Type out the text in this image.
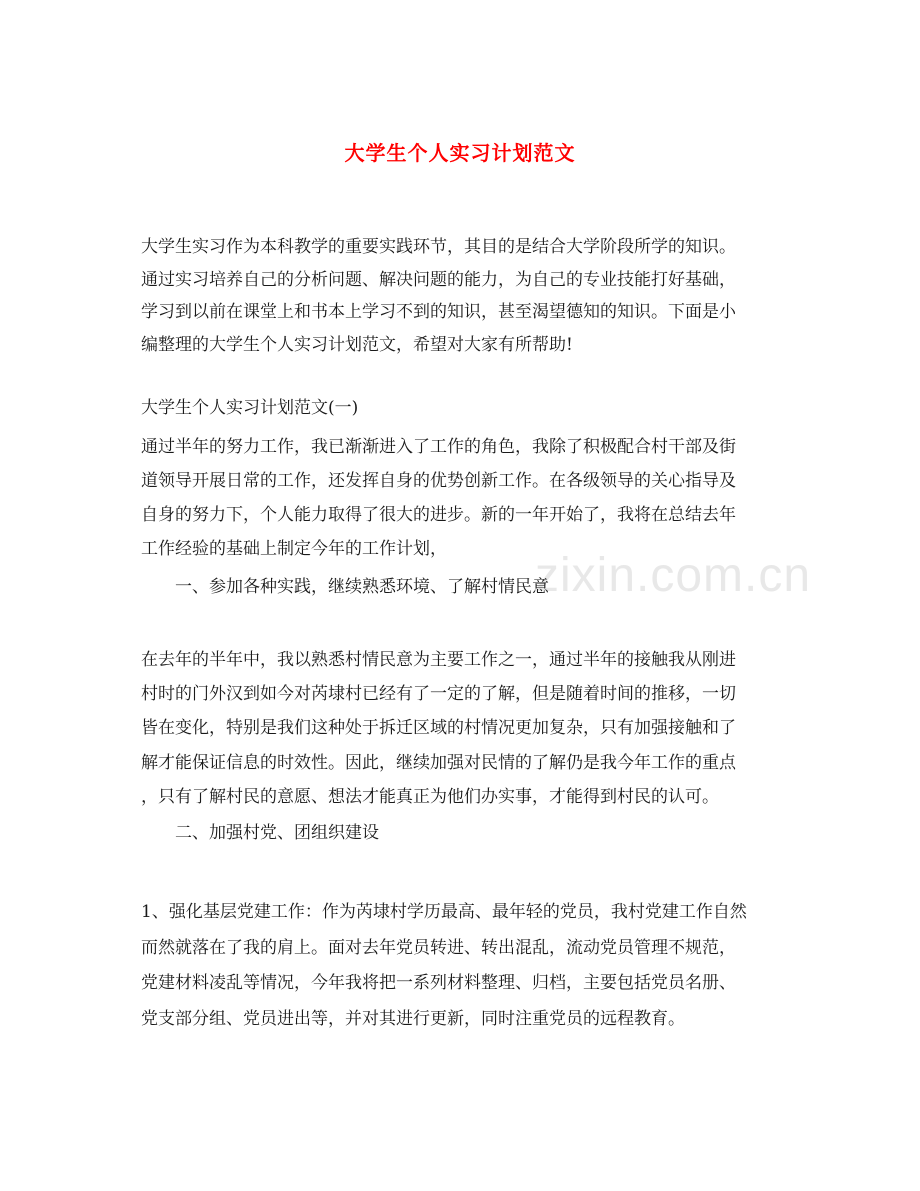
zixin.com.cn
大学生个人实习计划范文

大学生实习作为本科教学的重要实践环节，其目的是结合大学阶段所学的知识。
通过实习培养自己的分析问题、解决问题的能力，为自己的专业技能打好基础，
学习到以前在课堂上和书本上学习不到的知识，甚至渴望德知的知识。下面是小
编整理的大学生个人实习计划范文，希望对大家有所帮助!

大学生个人实习计划范文(一)

通过半年的努力工作，我已渐渐进入了工作的角色，我除了积极配合村干部及街
道领导开展日常的工作，还发挥自身的优势创新工作。在各级领导的关心指导及
自身的努力下，个人能力取得了很大的进步。新的一年开始了，我将在总结去年
工作经验的基础上制定今年的工作计划，

一、参加各种实践，继续熟悉环境、了解村情民意

在去年的半年中，我以熟悉村情民意为主要工作之一，通过半年的接触我从刚进
村时的门外汉到如今对芮埭村已经有了一定的了解，但是随着时间的推移，一切
皆在变化，特别是我们这种处于拆迁区域的村情况更加复杂，只有加强接触和了
解才能保证信息的时效性。因此，继续加强对民情的了解仍是我今年工作的重点
，只有了解村民的意愿、想法才能真正为他们办实事，才能得到村民的认可。

二、加强村党、团组织建设

1、强化基层党建工作：作为芮埭村学历最高、最年轻的党员，我村党建工作自然
而然就落在了我的肩上。面对去年党员转进、转出混乱，流动党员管理不规范，
党建材料凌乱等情况，今年我将把一系列材料整理、归档，主要包括党员名册、
党支部分组、党员进出等，并对其进行更新，同时注重党员的远程教育。
